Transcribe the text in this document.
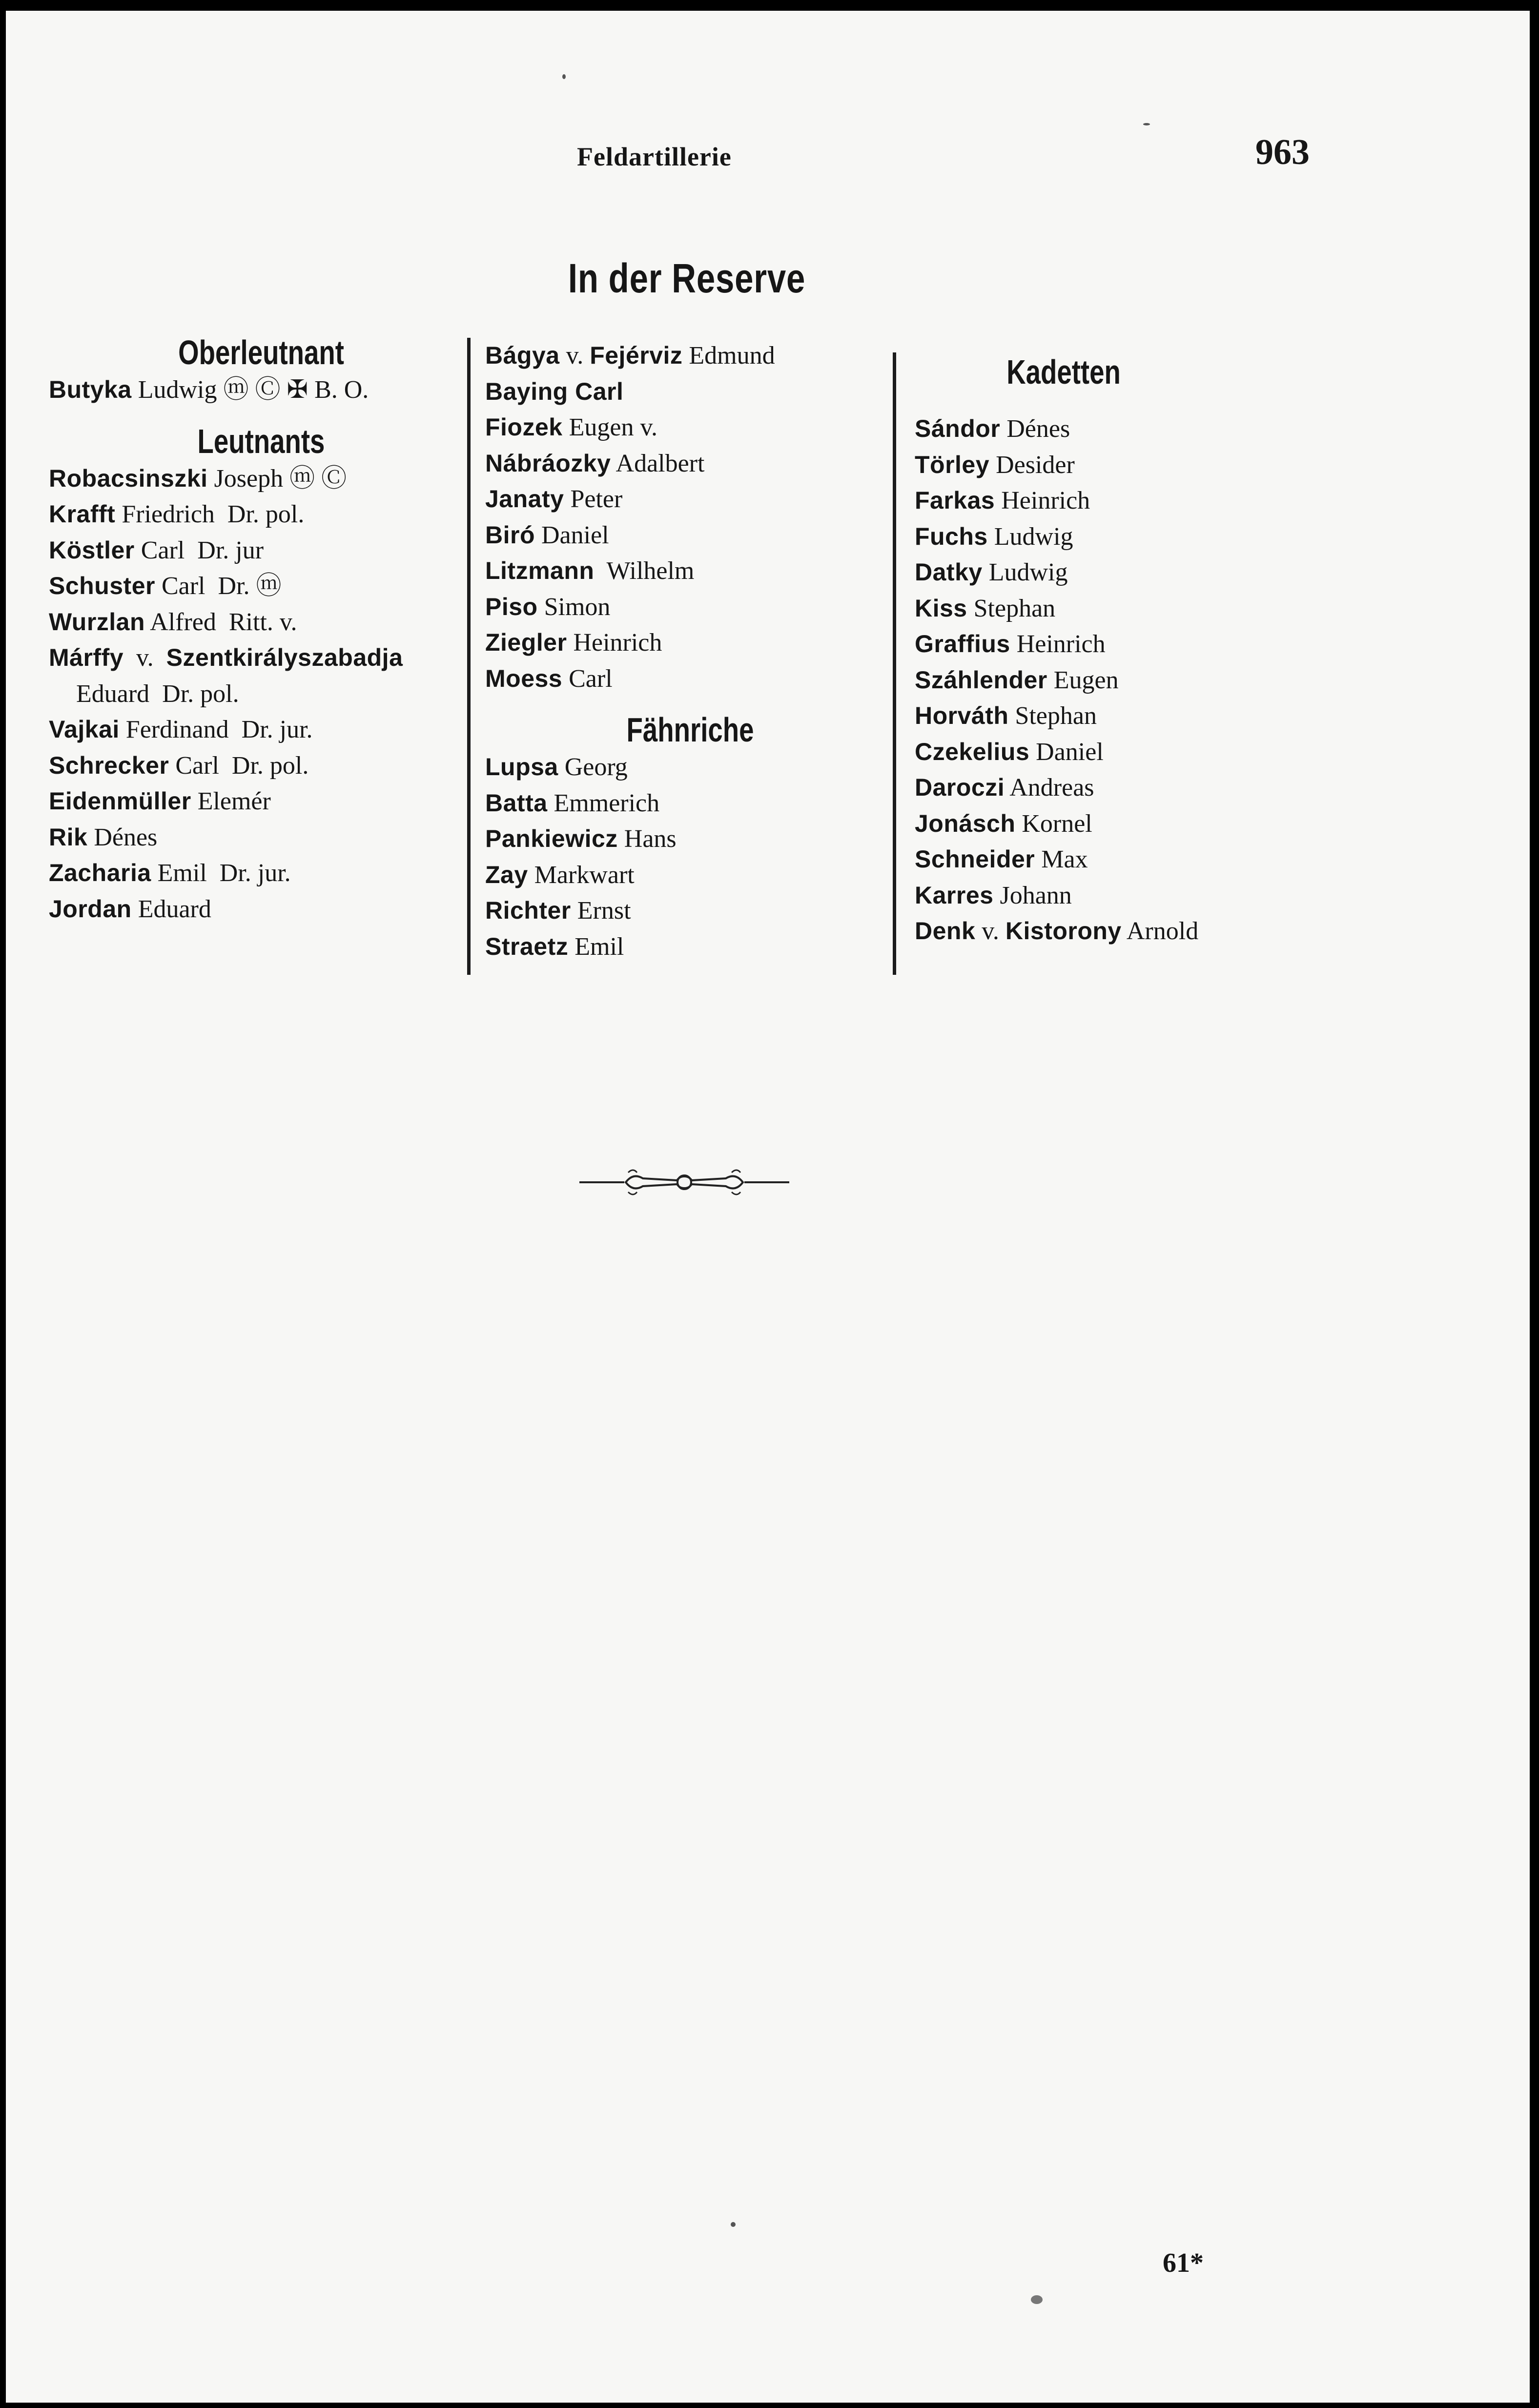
Feldartillerie	963
In der Reserve
Oberleutnant
Butyka Ludwig ⓜ Ⓒ ✠ B. O.
Leutnants
Robacsinszki Joseph ⓜ Ⓒ
Krafft Friedrich  Dr. pol.
Köstler Carl  Dr. jur
Schuster Carl  Dr. ⓜ
Wurzlan Alfred  Ritt. v.
Márffy  v.  Szentkirályszabadja
Eduard  Dr. pol.
Vajkai Ferdinand  Dr. jur.
Schrecker Carl  Dr. pol.
Eidenmüller Elemér
Rik Dénes
Zacharia Emil  Dr. jur.
Jordan Eduard
Bágya v. Fejérviz Edmund
Baying Carl
Fiozek Eugen v.
Nábráozky Adalbert
Janaty Peter
Biró Daniel
Litzmann  Wilhelm
Piso Simon
Ziegler Heinrich
Moess Carl
Fähnriche
Lupsa Georg
Batta Emmerich
Pankiewicz Hans
Zay Markwart
Richter Ernst
Straetz Emil
Kadetten
Sándor Dénes
Törley Desider
Farkas Heinrich
Fuchs Ludwig
Datky Ludwig
Kiss Stephan
Graffius Heinrich
Száhlender Eugen
Horváth Stephan
Czekelius Daniel
Daroczi Andreas
Jonásch Kornel
Schneider Max
Karres Johann
Denk v. Kistorony Arnold
61*
